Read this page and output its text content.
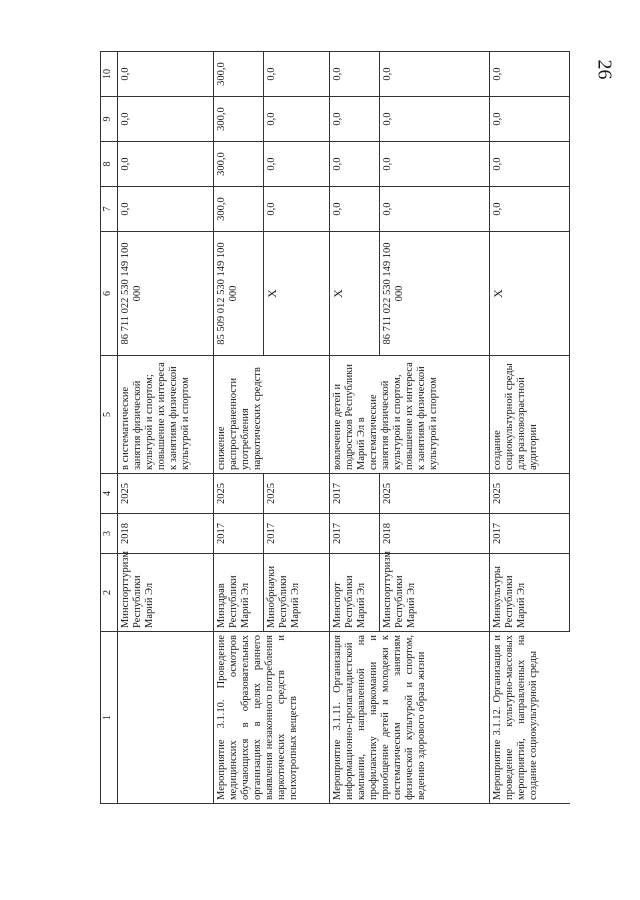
26
1	2	3	4	5	6	7	8	9	10
	Минспорттуризм Республики Марий Эл	2018	2025	в систематические занятия физической культурой и спортом; повышение их интереса к занятиям физической культурой и спортом	86 711 022 530 149 100 000	0,0	0,0	0,0	0,0
Мероприятие 3.1.10. Проведение медицинских осмотров обучающихся в образовательных организациях в целях раннего выявления незаконного потребления наркотических средств и психотропных веществ	Минздрав Республики Марий Эл	2017	2025	снижение распространенности употребления наркотических средств	85 509 012 530 149 100 000	300,0	300,0	300,0	300,0
	Минобрнауки Республики Марий Эл	2017	2025		X	0,0	0,0	0,0	0,0
Мероприятие 3.1.11. Организация информационно-пропагандистской кампании, направленной на профилактику наркомании и приобщение детей и молодежи к систематическим занятиям физической культурой и спортом, ведению здорового образа жизни	Минспорт Республики Марий Эл	2017	2017	вовлечение детей и подростков Республики Марий Эл в систематические занятия физической культурой и спортом, повышение их интереса к занятиям физической культурой и спортом	X	0,0	0,0	0,0	0,0
	Минспорттуризм Республики Марий Эл	2018	2025		86 711 022 530 149 100 000	0,0	0,0	0,0	0,0
Мероприятие 3.1.12. Организация и проведение культурно-массовых мероприятий, направленных на создание социокультурной среды	Минкультуры Республики Марий Эл	2017	2025	создание социокультурной среды для разновозрастной аудитории	X	0,0	0,0	0,0	0,0
